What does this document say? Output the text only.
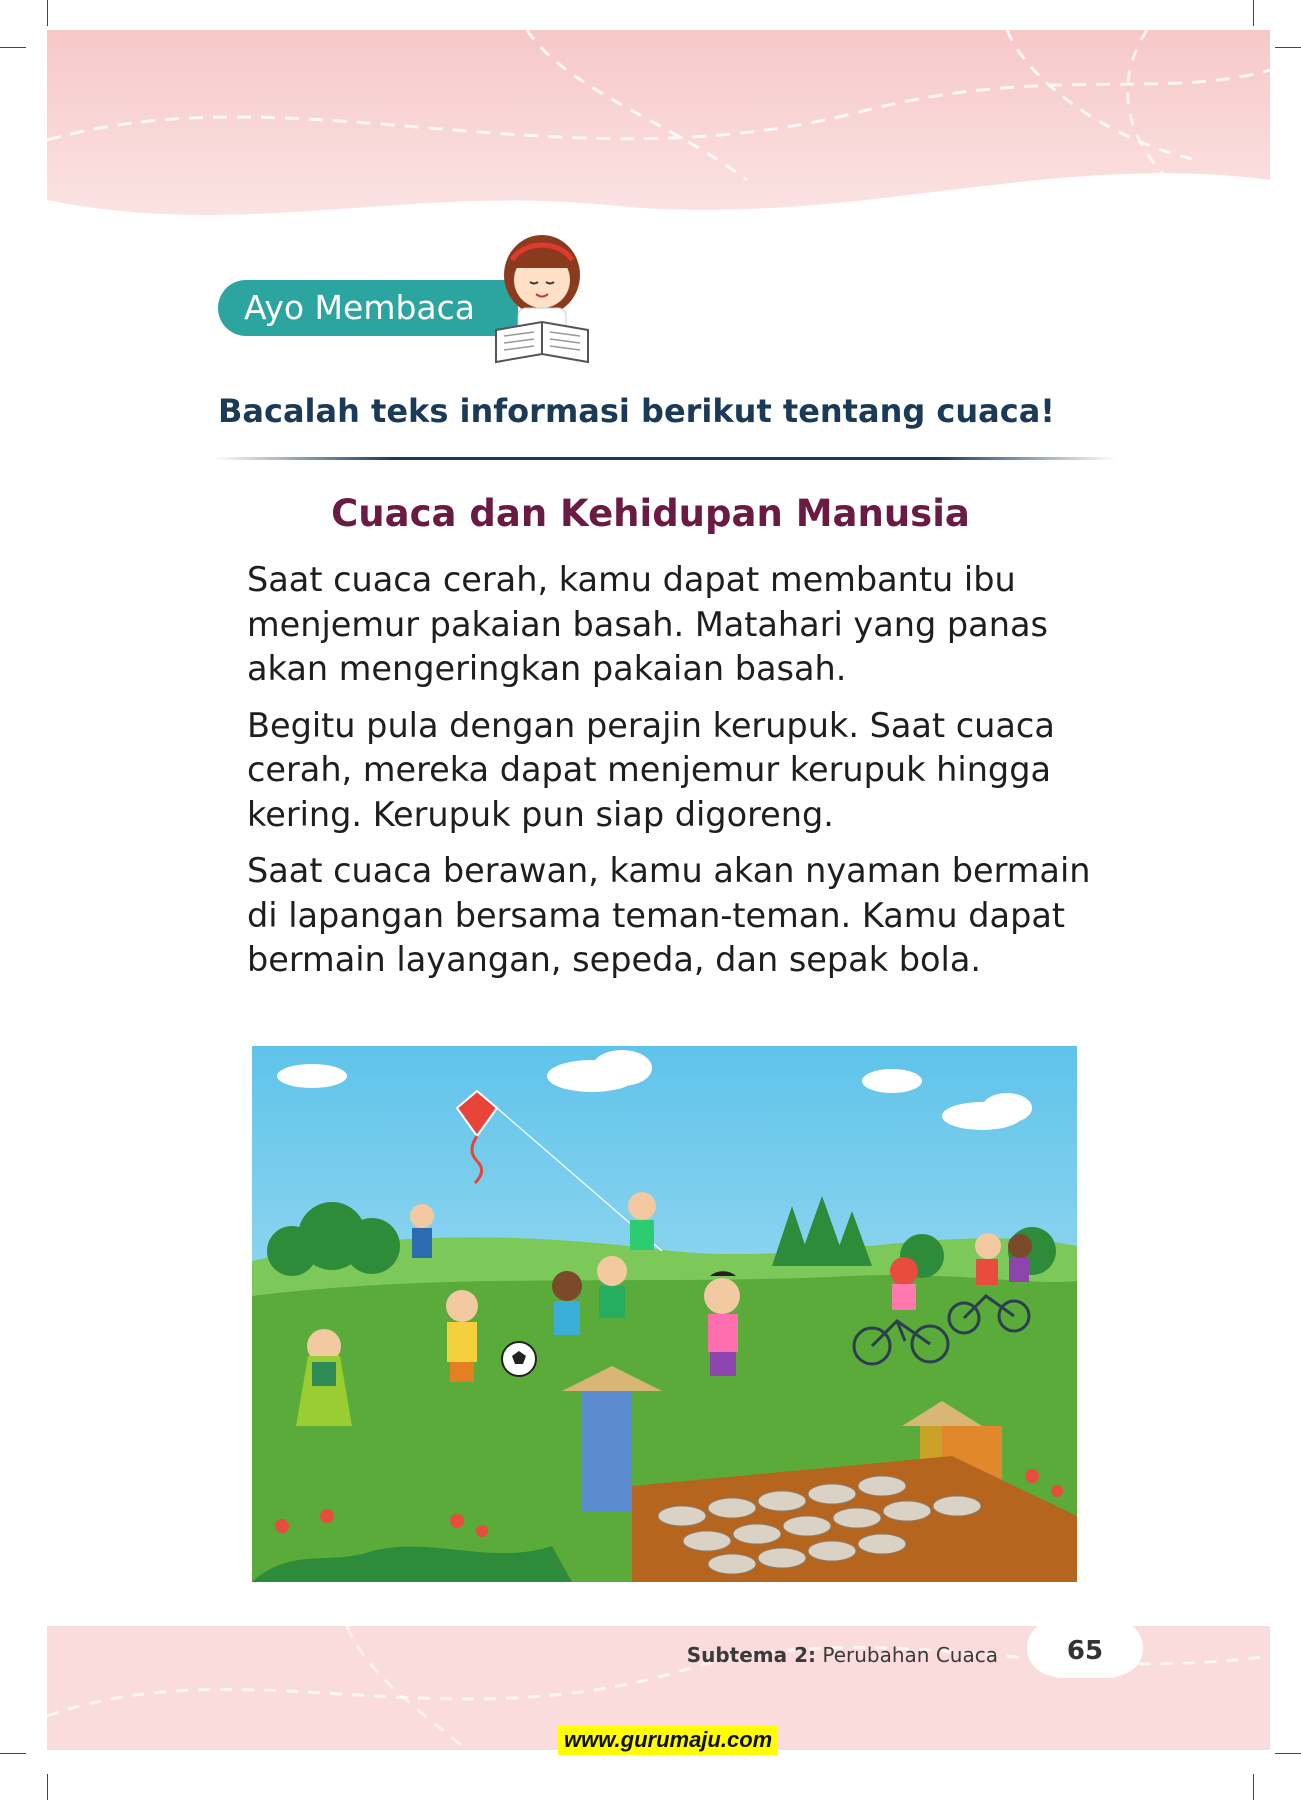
Ayo Membaca
Bacalah teks informasi berikut tentang cuaca!
Cuaca dan Kehidupan Manusia

Saat cuaca cerah, kamu dapat membantu ibu menjemur pakaian basah. Matahari yang panas akan mengeringkan pakaian basah.

Begitu pula dengan perajin kerupuk. Saat cuaca cerah, mereka dapat menjemur kerupuk hingga kering. Kerupuk pun siap digoreng.

Saat cuaca berawan, kamu akan nyaman bermain di lapangan bersama teman-teman. Kamu dapat bermain layangan, sepeda, dan sepak bola.

Subtema 2: Perubahan Cuaca	65
www.gurumaju.com
